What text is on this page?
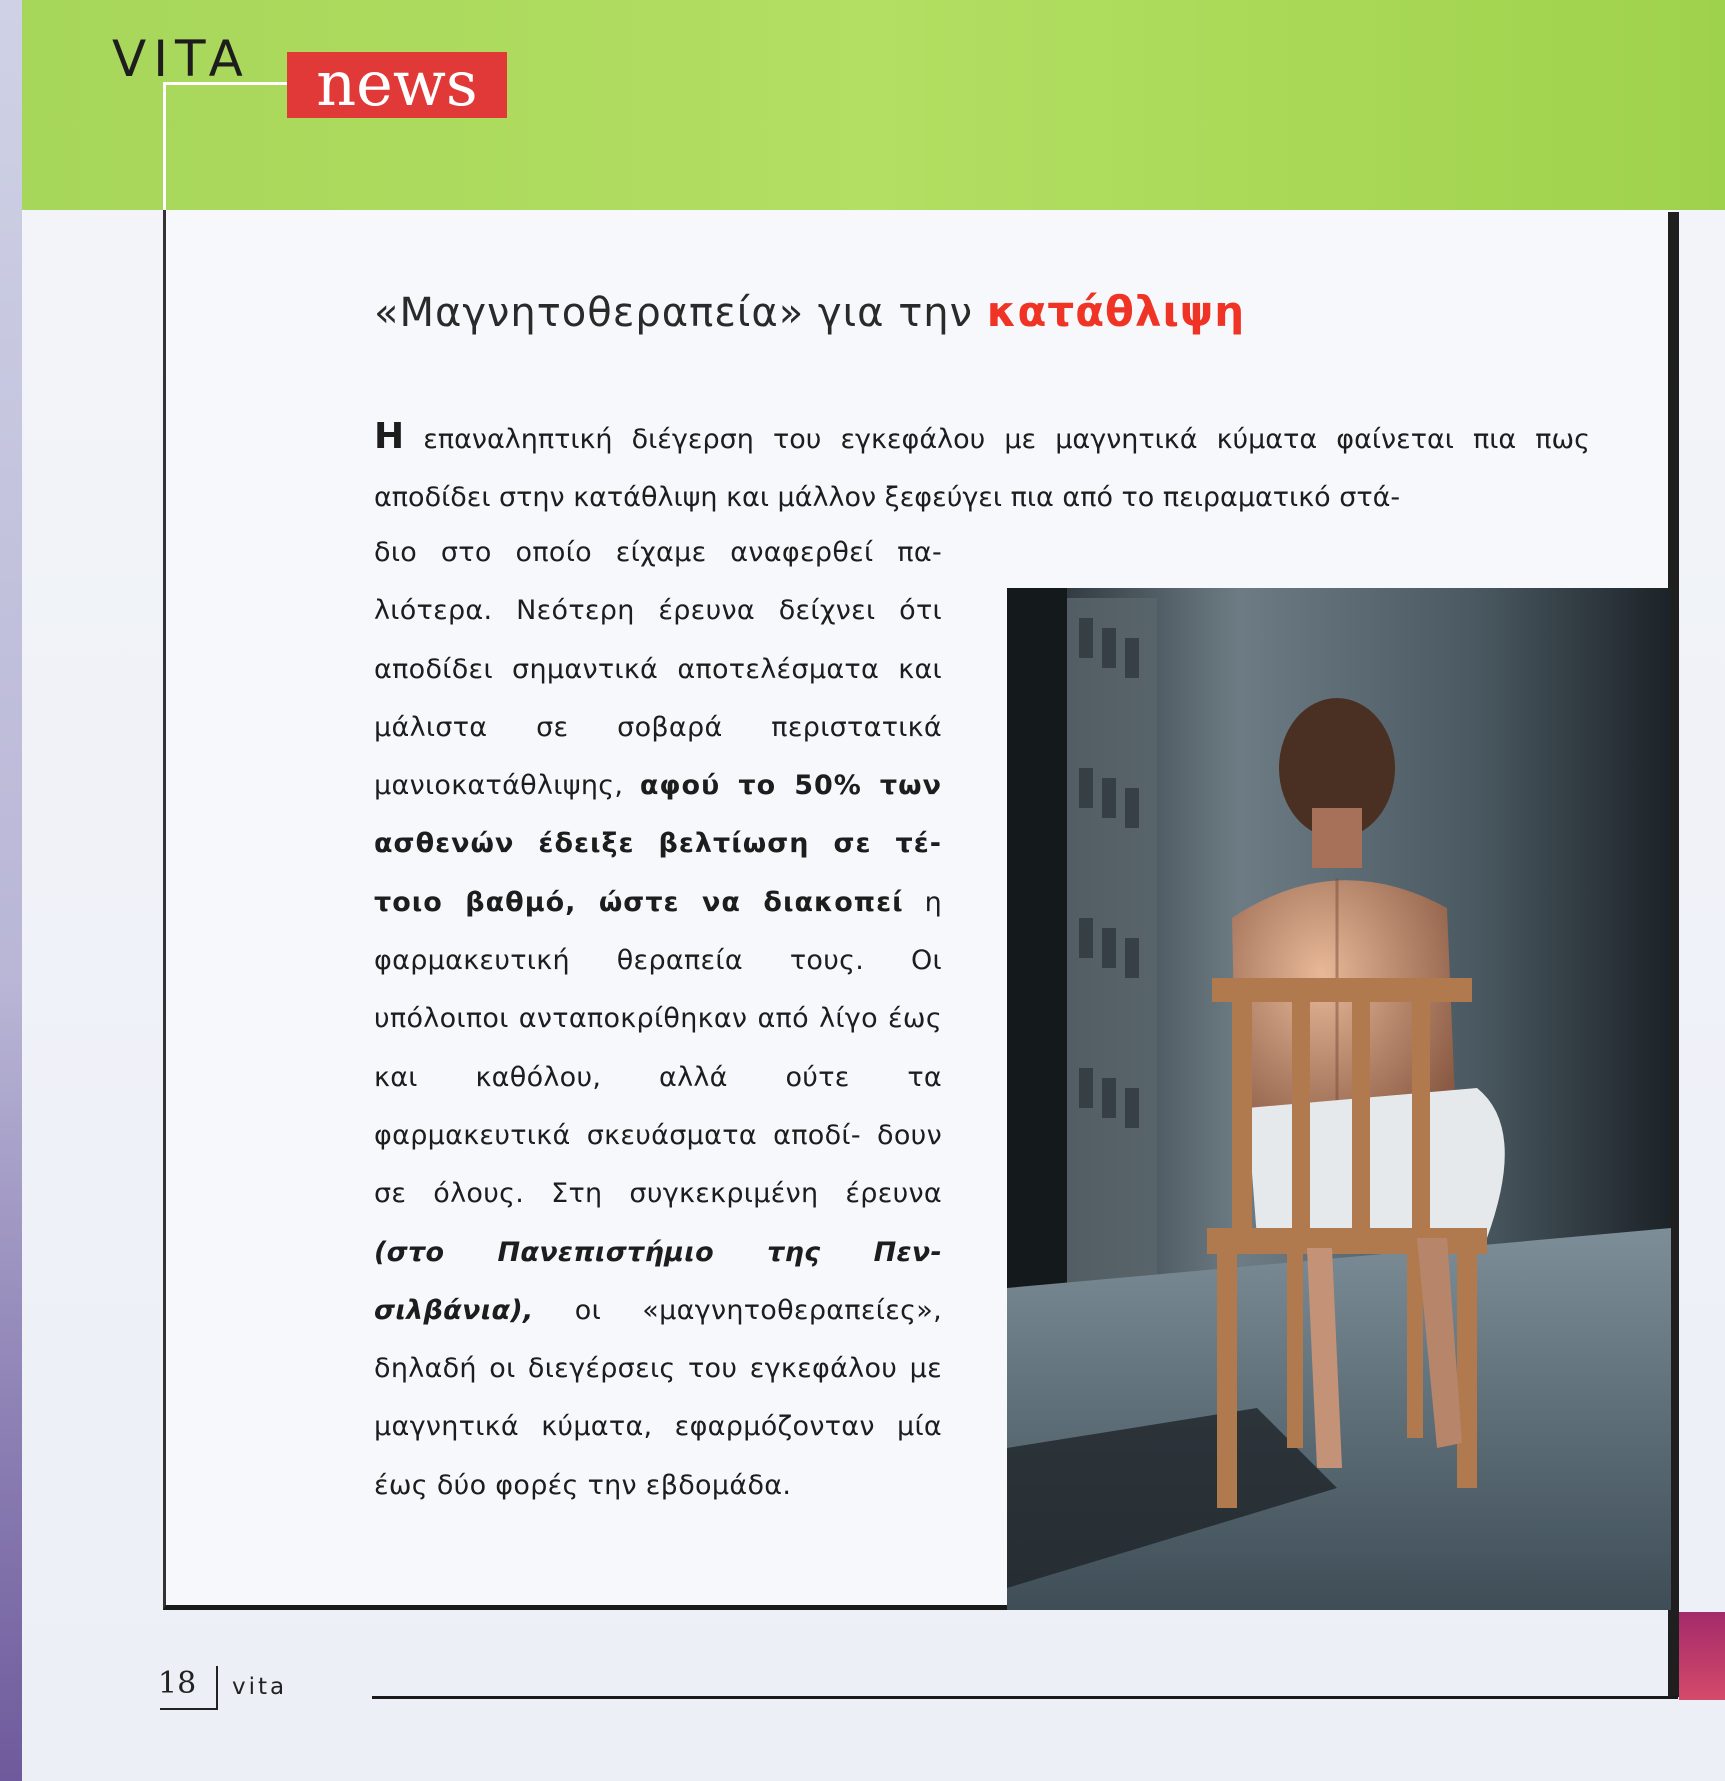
VITA	news
«Μαγνητοθεραπεία» για την κατάθλιψη
Η επαναληπτική διέγερση του εγκεφάλου με μαγνητικά κύματα φαίνεται πια πως αποδίδει στην κατάθλιψη και μάλλον ξεφεύγει πια από το πειραματικό στά-
διο στο οποίο είχαμε αναφερθεί πα- λιότερα. Νεότερη έρευνα δείχνει ότι αποδίδει σημαντικά αποτελέσματα και μάλιστα σε σοβαρά περιστατικά μανιοκατάθλιψης, αφού το 50% των ασθενών έδειξε βελτίωση σε τέ- τοιο βαθμό, ώστε να διακοπεί η φαρμακευτική θεραπεία τους. Οι υπόλοιποι ανταποκρίθηκαν από λίγο έως και καθόλου, αλλά ούτε τα φαρμακευτικά σκευάσματα αποδί- δουν σε όλους. Στη συγκεκριμένη έρευνα (στο Πανεπιστήμιο της Πεν- σιλβάνια), οι «μαγνητοθεραπείες», δηλαδή οι διεγέρσεις του εγκεφάλου με μαγνητικά κύματα, εφαρμόζονταν μία έως δύο φορές την εβδομάδα.
18 vita
